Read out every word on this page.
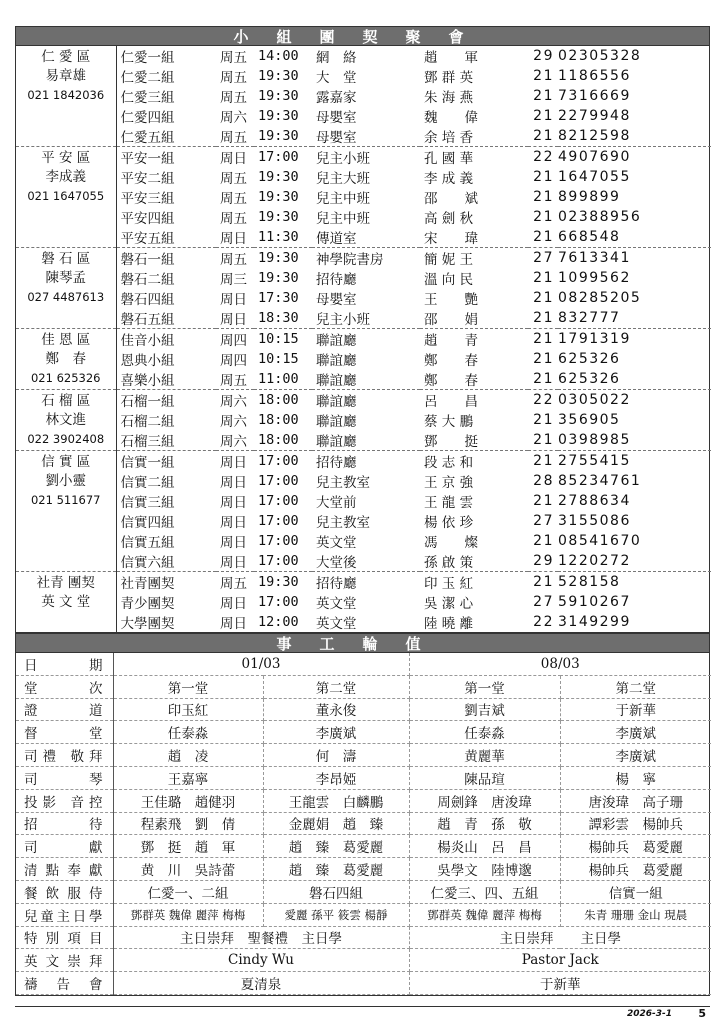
小組團契聚會
仁 愛 區
易章雄
021 1842036	仁愛一組	周五	14:00	網　絡	趙　　軍	29	02305328
	仁愛二組	周五	19:30	大　堂	鄧 群 英	21	1186556
	仁愛三組	周五	19:30	露嘉家	朱 海 燕	21	7316669
	仁愛四組	周六	19:30	母嬰室	魏　　偉	21	2279948
	仁愛五組	周五	19:30	母嬰室	余 培 香	21	8212598

平 安 區
李成義
021 1647055	平安一組	周日	17:00	兒主小班	孔 國 華	22	4907690
	平安二組	周五	19:30	兒主大班	李 成 義	21	1647055
	平安三組	周五	19:30	兒主中班	邵　　斌	21	899899
	平安四組	周五	19:30	兒主中班	高 劍 秋	21	02388956
	平安五組	周日	11:30	傳道室	宋　　瑋	21	668548

磐 石 區
陳琴孟
027 4487613	磐石一組	周五	19:30	神學院書房	簡 妮 王	27	7613341
	磐石二組	周三	19:30	招待廳	溫 向 民	21	1099562
	磐石四組	周日	17:30	母嬰室	王　　艷	21	08285205
	磐石五組	周日	18:30	兒主小班	邵　　娟	21	832777

佳 恩 區
鄭　春
021 625326	佳音小組	周四	10:15	聯誼廳	趙　　青	21	1791319
	恩典小組	周四	10:15	聯誼廳	鄭　　春	21	625326
	喜樂小組	周五	11:00	聯誼廳	鄭　　春	21	625326

石 榴 區
林文進
022 3902408	石榴一組	周六	18:00	聯誼廳	呂　　昌	22	0305022
	石榴二組	周六	18:00	聯誼廳	蔡 大 鵬	21	356905
	石榴三組	周六	18:00	聯誼廳	鄧　　挺	21	0398985

信 實 區
劉小靈
021 511677	信實一組	周日	17:00	招待廳	段 志 和	21	2755415
	信實二組	周日	17:00	兒主教室	王 京 強	28	85234761
	信實三組	周日	17:00	大堂前	王 龍 雲	21	2788634
	信實四組	周日	17:00	兒主教室	楊 依 珍	27	3155086
	信實五組	周日	17:00	英文堂	馮　　燦	21	08541670
	信實六組	周日	17:00	大堂後	孫 啟 策	29	1220272

社青 團契
英 文 堂	社青團契	周五	19:30	招待廳	印 玉 紅	21	528158
	青少團契	周日	17:00	英文堂	吳 潔 心	27	5910267
	大學團契	周日	12:00	英文堂	陸 曉 離	22	3149299
事工輪值
日期	01/03		08/03	
堂次	第一堂	第二堂	第一堂	第二堂
證道	印玉紅	董永俊	劉吉斌	于新華
督堂	任泰淼	李廣斌	任泰淼	李廣斌
司禮 敬拜	趙　凌	何　濤	黄麗華	李廣斌
司琴	王嘉寧	李昂婭	陳品瑄	楊　寧
投影 音控	王佳璐　趙健羽	王龍雲　白麟鵬	周劍鋒　唐浚瑋	唐浚瑋　高子珊
招待	程素飛　劉　倩	金麗娟　趙　臻	趙　青　孫　敬	譚彩雲　楊帥兵
司獻	鄧　挺　趙　軍	趙　臻　葛愛麗	楊炎山　呂　昌	楊帥兵　葛愛麗
清點奉獻	黄　川　吳詩蕾	趙　臻　葛愛麗	吳學文　陸博邈	楊帥兵　葛愛麗
餐飲服侍	仁愛一、二組	磐石四組	仁愛三、四、五組	信實一組
兒童主日學	鄧群英 魏偉 麗萍 梅梅	愛麗 孫平 筱雲 楊靜	鄧群英 魏偉 麗萍 梅梅	朱青 珊珊 金山 現晨
特別項目	主日崇拜　聖餐禮　主日學		主日崇拜　　主日學	
英文崇拜	Cindy Wu		Pastor Jack	
禱告會	夏清泉		于新華	
2026-3-1 5
